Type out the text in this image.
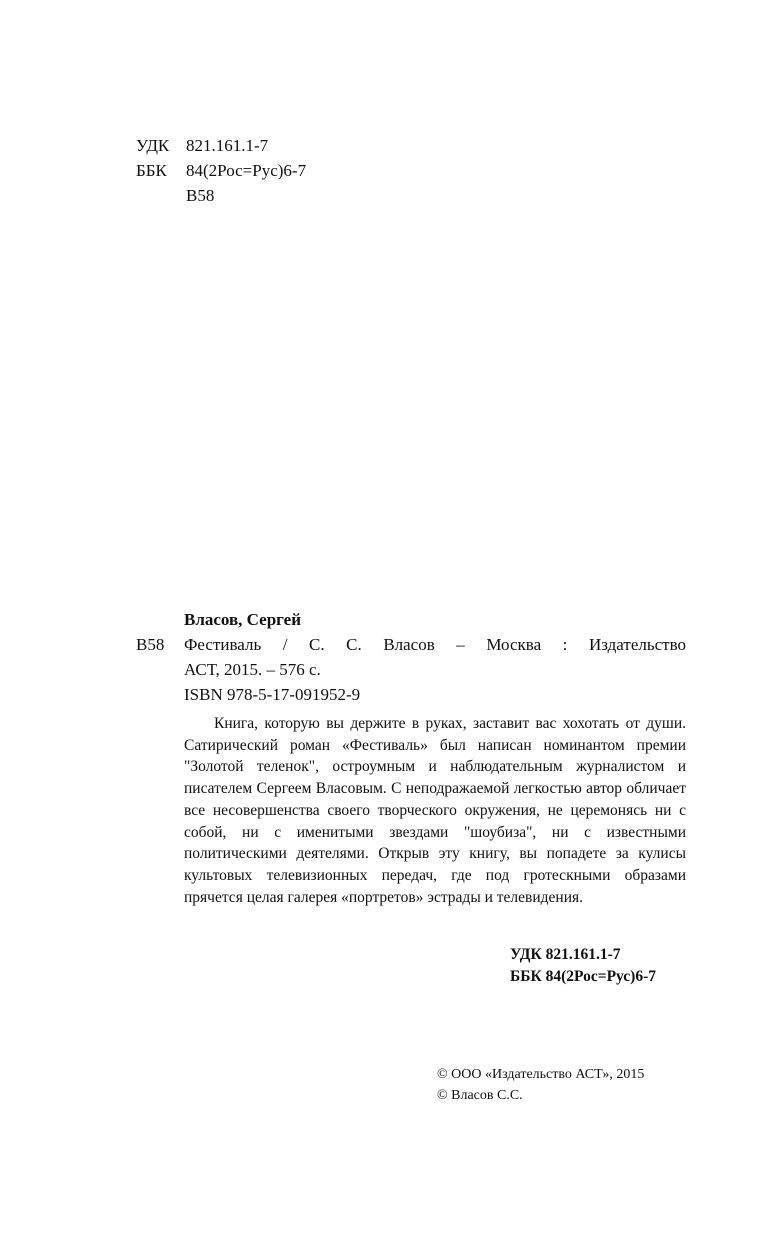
УДК 821.161.1-7
ББК	84(2Рос=Рус)6-7
В58
Власов, Сергей
В58	Фестиваль / С. С. Власов – Москва : Издательство
АСТ, 2015. – 576 с.
ISBN 978-5-17-091952-9
Книга, которую вы держите в руках, заставит вас хохотать от души. Сатирический роман «Фестиваль» был написан номинантом премии "Золотой теленок", остроумным и наблюдательным журналистом и писателем Сергеем Власовым. С неподражаемой легкостью автор обличает все несовершенства своего творческого окружения, не церемонясь ни с собой, ни с именитыми звездами "шоубиза", ни с известными политическими деятелями. Открыв эту книгу, вы попадете за кулисы культовых телевизионных передач, где под гротескными образами прячется целая галерея «портретов» эстрады и телевидения.
УДК 821.161.1-7
ББК 84(2Рос=Рус)6-7
© ООО «Издательство АСТ», 2015
© Власов С.С.
